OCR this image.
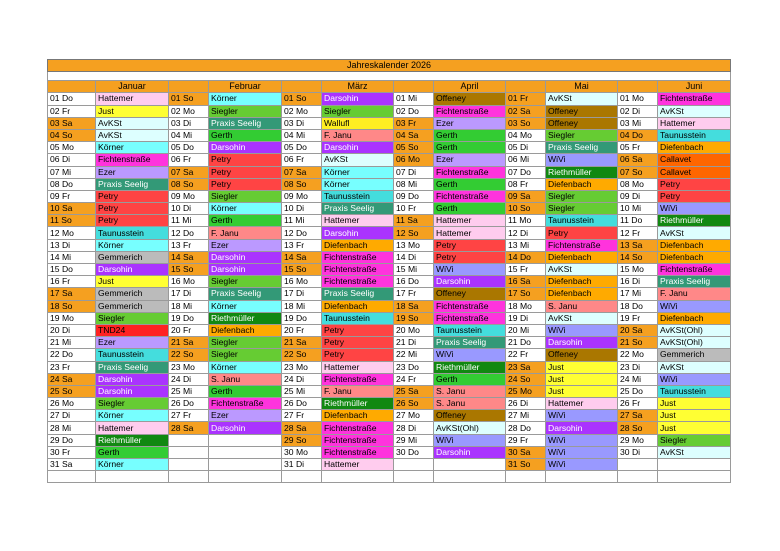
Jahreskalender 2026											

	Januar		Februar		März		April		Mai		Juni
01 Do	Hattemer	01 So	Körner	01 So	Darsohin	01 Mi	Offeney	01 Fr	AvKSt	01 Mo	Fichtenstraße
02 Fr	Just	02 Mo	Siegler	02 Mo	Siegler	02 Do	Fichtenstraße	02 Sa	Offeney	02 Di	AvKSt
03 Sa	AvKSt	03 Di	Praxis Seelig	03 Di	Wallufl	03 Fr	Ezer	03 So	Offeney	03 Mi	Hattemer
04 So	AvKSt	04 Mi	Gerth	04 Mi	F. Janu	04 Sa	Gerth	04 Mo	Siegler	04 Do	Taunusstein
05 Mo	Körner	05 Do	Darsohin	05 Do	Darsohin	05 So	Gerth	05 Di	Praxis Seelig	05 Fr	Diefenbach
06 Di	Fichtenstraße	06 Fr	Petry	06 Fr	AvKSt	06 Mo	Ezer	06 Mi	WiVi	06 Sa	Callavet
07 Mi	Ezer	07 Sa	Petry	07 Sa	Körner	07 Di	Fichtenstraße	07 Do	Riethmüller	07 So	Callavet
08 Do	Praxis Seelig	08 So	Petry	08 So	Körner	08 Mi	Gerth	08 Fr	Diefenbach	08 Mo	Petry
09 Fr	Petry	09 Mo	Siegler	09 Mo	Taunusstein	09 Do	Fichtenstraße	09 Sa	Siegler	09 Di	Petry
10 Sa	Petry	10 Di	Körner	10 Di	Praxis Seelig	10 Fr	Gerth	10 So	Siegler	10 Mi	WiVi
11 So	Petry	11 Mi	Gerth	11 Mi	Hattemer	11 Sa	Hattemer	11 Mo	Taunusstein	11 Do	Riethmüller
12 Mo	Taunusstein	12 Do	F. Janu	12 Do	Darsohin	12 So	Hattemer	12 Di	Petry	12 Fr	AvKSt
13 Di	Körner	13 Fr	Ezer	13 Fr	Diefenbach	13 Mo	Petry	13 Mi	Fichtenstraße	13 Sa	Diefenbach
14 Mi	Gemmerich	14 Sa	Darsohin	14 Sa	Fichtenstraße	14 Di	Petry	14 Do	Diefenbach	14 So	Diefenbach
15 Do	Darsohin	15 So	Darsohin	15 So	Fichtenstraße	15 Mi	WiVi	15 Fr	AvKSt	15 Mo	Fichtenstraße
16 Fr	Just	16 Mo	Siegler	16 Mo	Fichtenstraße	16 Do	Darsohin	16 Sa	Diefenbach	16 Di	Praxis Seelig
17 Sa	Gemmerich	17 Di	Praxis Seelig	17 Di	Praxis Seelig	17 Fr	Offeney	17 So	Diefenbach	17 Mi	F. Janu
18 So	Gemmerich	18 Mi	Körner	18 Mi	Diefenbach	18 Sa	Fichtenstraße	18 Mo	S. Janu	18 Do	WiVi
19 Mo	Siegler	19 Do	Riethmüller	19 Do	Taunusstein	19 So	Fichtenstraße	19 Di	AvKSt	19 Fr	Diefenbach
20 Di	TND24	20 Fr	Diefenbach	20 Fr	Petry	20 Mo	Taunusstein	20 Mi	WiVi	20 Sa	AvKSt(Ohl)
21 Mi	Ezer	21 Sa	Siegler	21 Sa	Petry	21 Di	Praxis Seelig	21 Do	Darsohin	21 So	AvKSt(Ohl)
22 Do	Taunusstein	22 So	Siegler	22 So	Petry	22 Mi	WiVi	22 Fr	Offeney	22 Mo	Gemmerich
23 Fr	Praxis Seelig	23 Mo	Körner	23 Mo	Hattemer	23 Do	Riethmüller	23 Sa	Just	23 Di	AvKSt
24 Sa	Darsohin	24 Di	S. Janu	24 Di	Fichtenstraße	24 Fr	Gerth	24 So	Just	24 Mi	WiVi
25 So	Darsohin	25 Mi	Gerth	25 Mi	F. Janu	25 Sa	S. Janu	25 Mo	Just	25 Do	Taunusstein
26 Mo	Siegler	26 Do	Fichtenstraße	26 Do	Riethmüller	26 So	S. Janu	26 Di	Hattemer	26 Fr	Just
27 Di	Körner	27 Fr	Ezer	27 Fr	Diefenbach	27 Mo	Offeney	27 Mi	WiVi	27 Sa	Just
28 Mi	Hattemer	28 Sa	Darsohin	28 Sa	Fichtenstraße	28 Di	AvKSt(Ohl)	28 Do	Darsohin	28 So	Just
29 Do	Riethmüller			29 So	Fichtenstraße	29 Mi	WiVi	29 Fr	WiVi	29 Mo	Siegler
30 Fr	Gerth			30 Mo	Fichtenstraße	30 Do	Darsohin	30 Sa	WiVi	30 Di	AvKSt
31 Sa	Körner			31 Di	Hattemer			31 So	WiVi		
